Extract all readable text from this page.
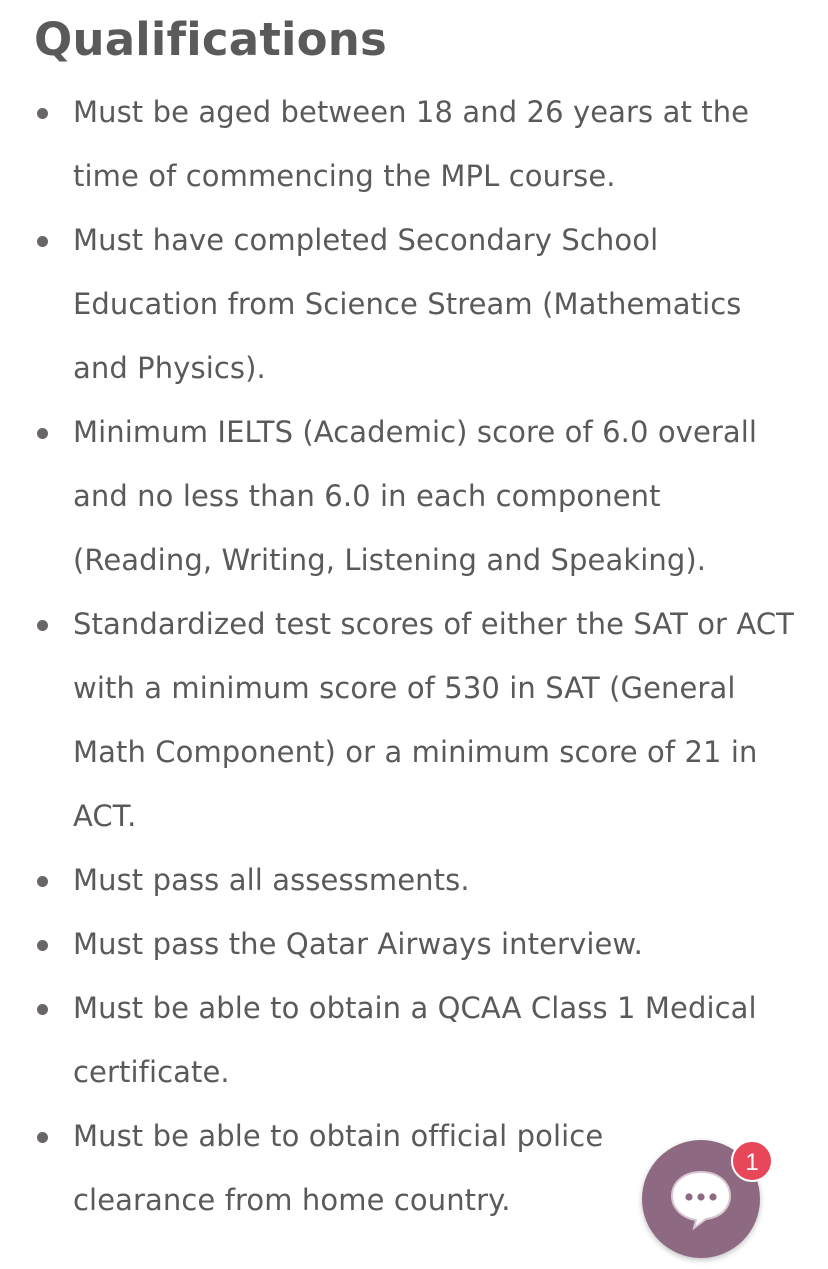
Qualifications
Must be aged between 18 and 26 years at the time of commencing the MPL course.
Must have completed Secondary School Education from Science Stream (Mathematics and Physics).
Minimum IELTS (Academic) score of 6.0 overall and no less than 6.0 in each component (Reading, Writing, Listening and Speaking).
Standardized test scores of either the SAT or ACT with a minimum score of 530 in SAT (General Math Component) or a minimum score of 21 in ACT.
Must pass all assessments.
Must pass the Qatar Airways interview.
Must be able to obtain a QCAA Class 1 Medical certificate.
Must be able to obtain official police clearance from home country.
1
